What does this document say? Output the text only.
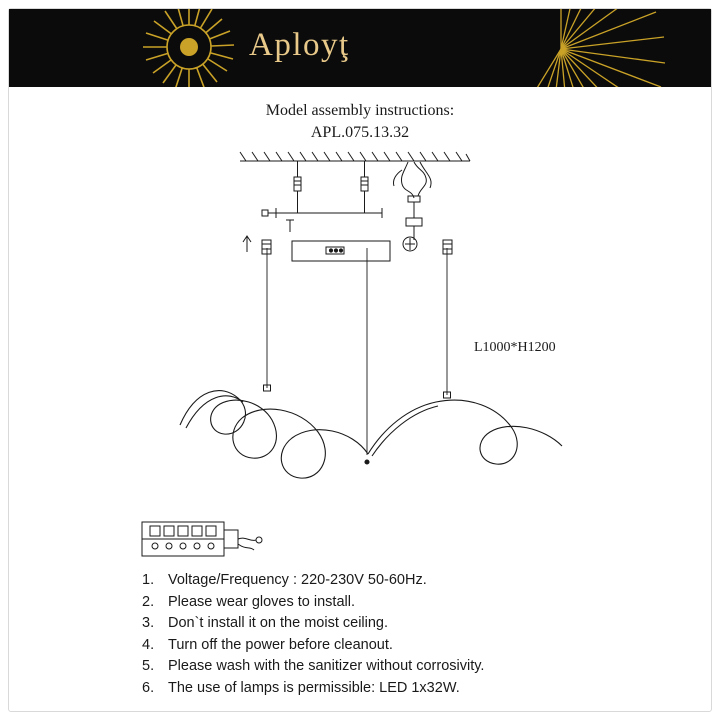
Aployţ
Model assembly instructions:
APL.075.13.32
L1000*H1200
1. Voltage/Frequency : 220-230V 50-60Hz.
2. Please wear gloves to install.
3. Don`t install it on the moist ceiling.
4. Turn off the power before cleanout.
5. Please wash with the sanitizer without corrosivity.
6. The use of lamps is permissible: LED 1x32W.
